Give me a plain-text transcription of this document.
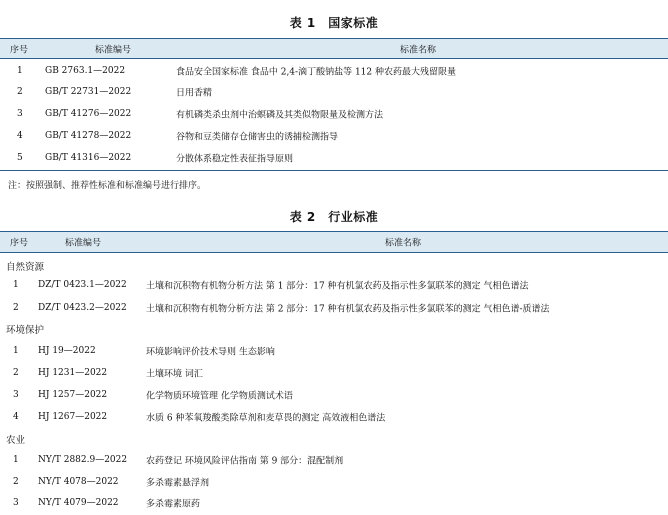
表 1　国家标准
序号	标准编号	标准名称
1 GB 2763.1—2022	食品安全国家标准 食品中 2,4-滴丁酸钠盐等 112 种农药最大残留限量
2 GB/T 22731—2022	日用香精
3 GB/T 41276—2022	有机磷类杀虫剂中治螟磷及其类似物限量及检测方法
4 GB/T 41278—2022	谷物和豆类储存仓储害虫的诱捕检测指导
5 GB/T 41316—2022	分散体系稳定性表征指导原则
注：按照强制、推荐性标准和标准编号进行排序。
表 2　行业标准
序号	标准编号	标准名称
自然资源
1 DZ/T 0423.1—2022 土壤和沉积物有机物分析方法 第 1 部分：17 种有机氯农药及指示性多氯联苯的测定 气相色谱法
2 DZ/T 0423.2—2022 土壤和沉积物有机物分析方法 第 2 部分：17 种有机氯农药及指示性多氯联苯的测定 气相色谱-质谱法
环境保护
1 HJ 19—2022	环境影响评价技术导则 生态影响
2 HJ 1231—2022	土壤环境 词汇
3 HJ 1257—2022	化学物质环境管理 化学物质测试术语
4 HJ 1267—2022	水质 6 种苯氧羧酸类除草剂和麦草畏的测定 高效液相色谱法
农业
1 NY/T 2882.9—2022 农药登记 环境风险评估指南 第 9 部分：混配制剂
2 NY/T 4078—2022	多杀霉素悬浮剂
3 NY/T 4079—2022	多杀霉素原药
